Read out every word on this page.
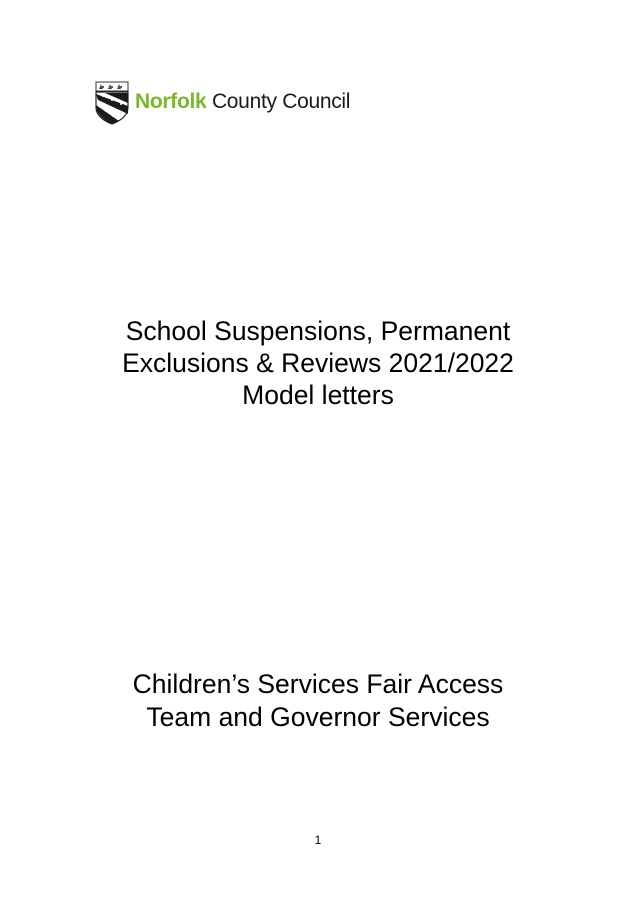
Norfolk County Council
School Suspensions, Permanent
Exclusions & Reviews 2021/2022
Model letters
Children’s Services Fair Access
Team and Governor Services
1
